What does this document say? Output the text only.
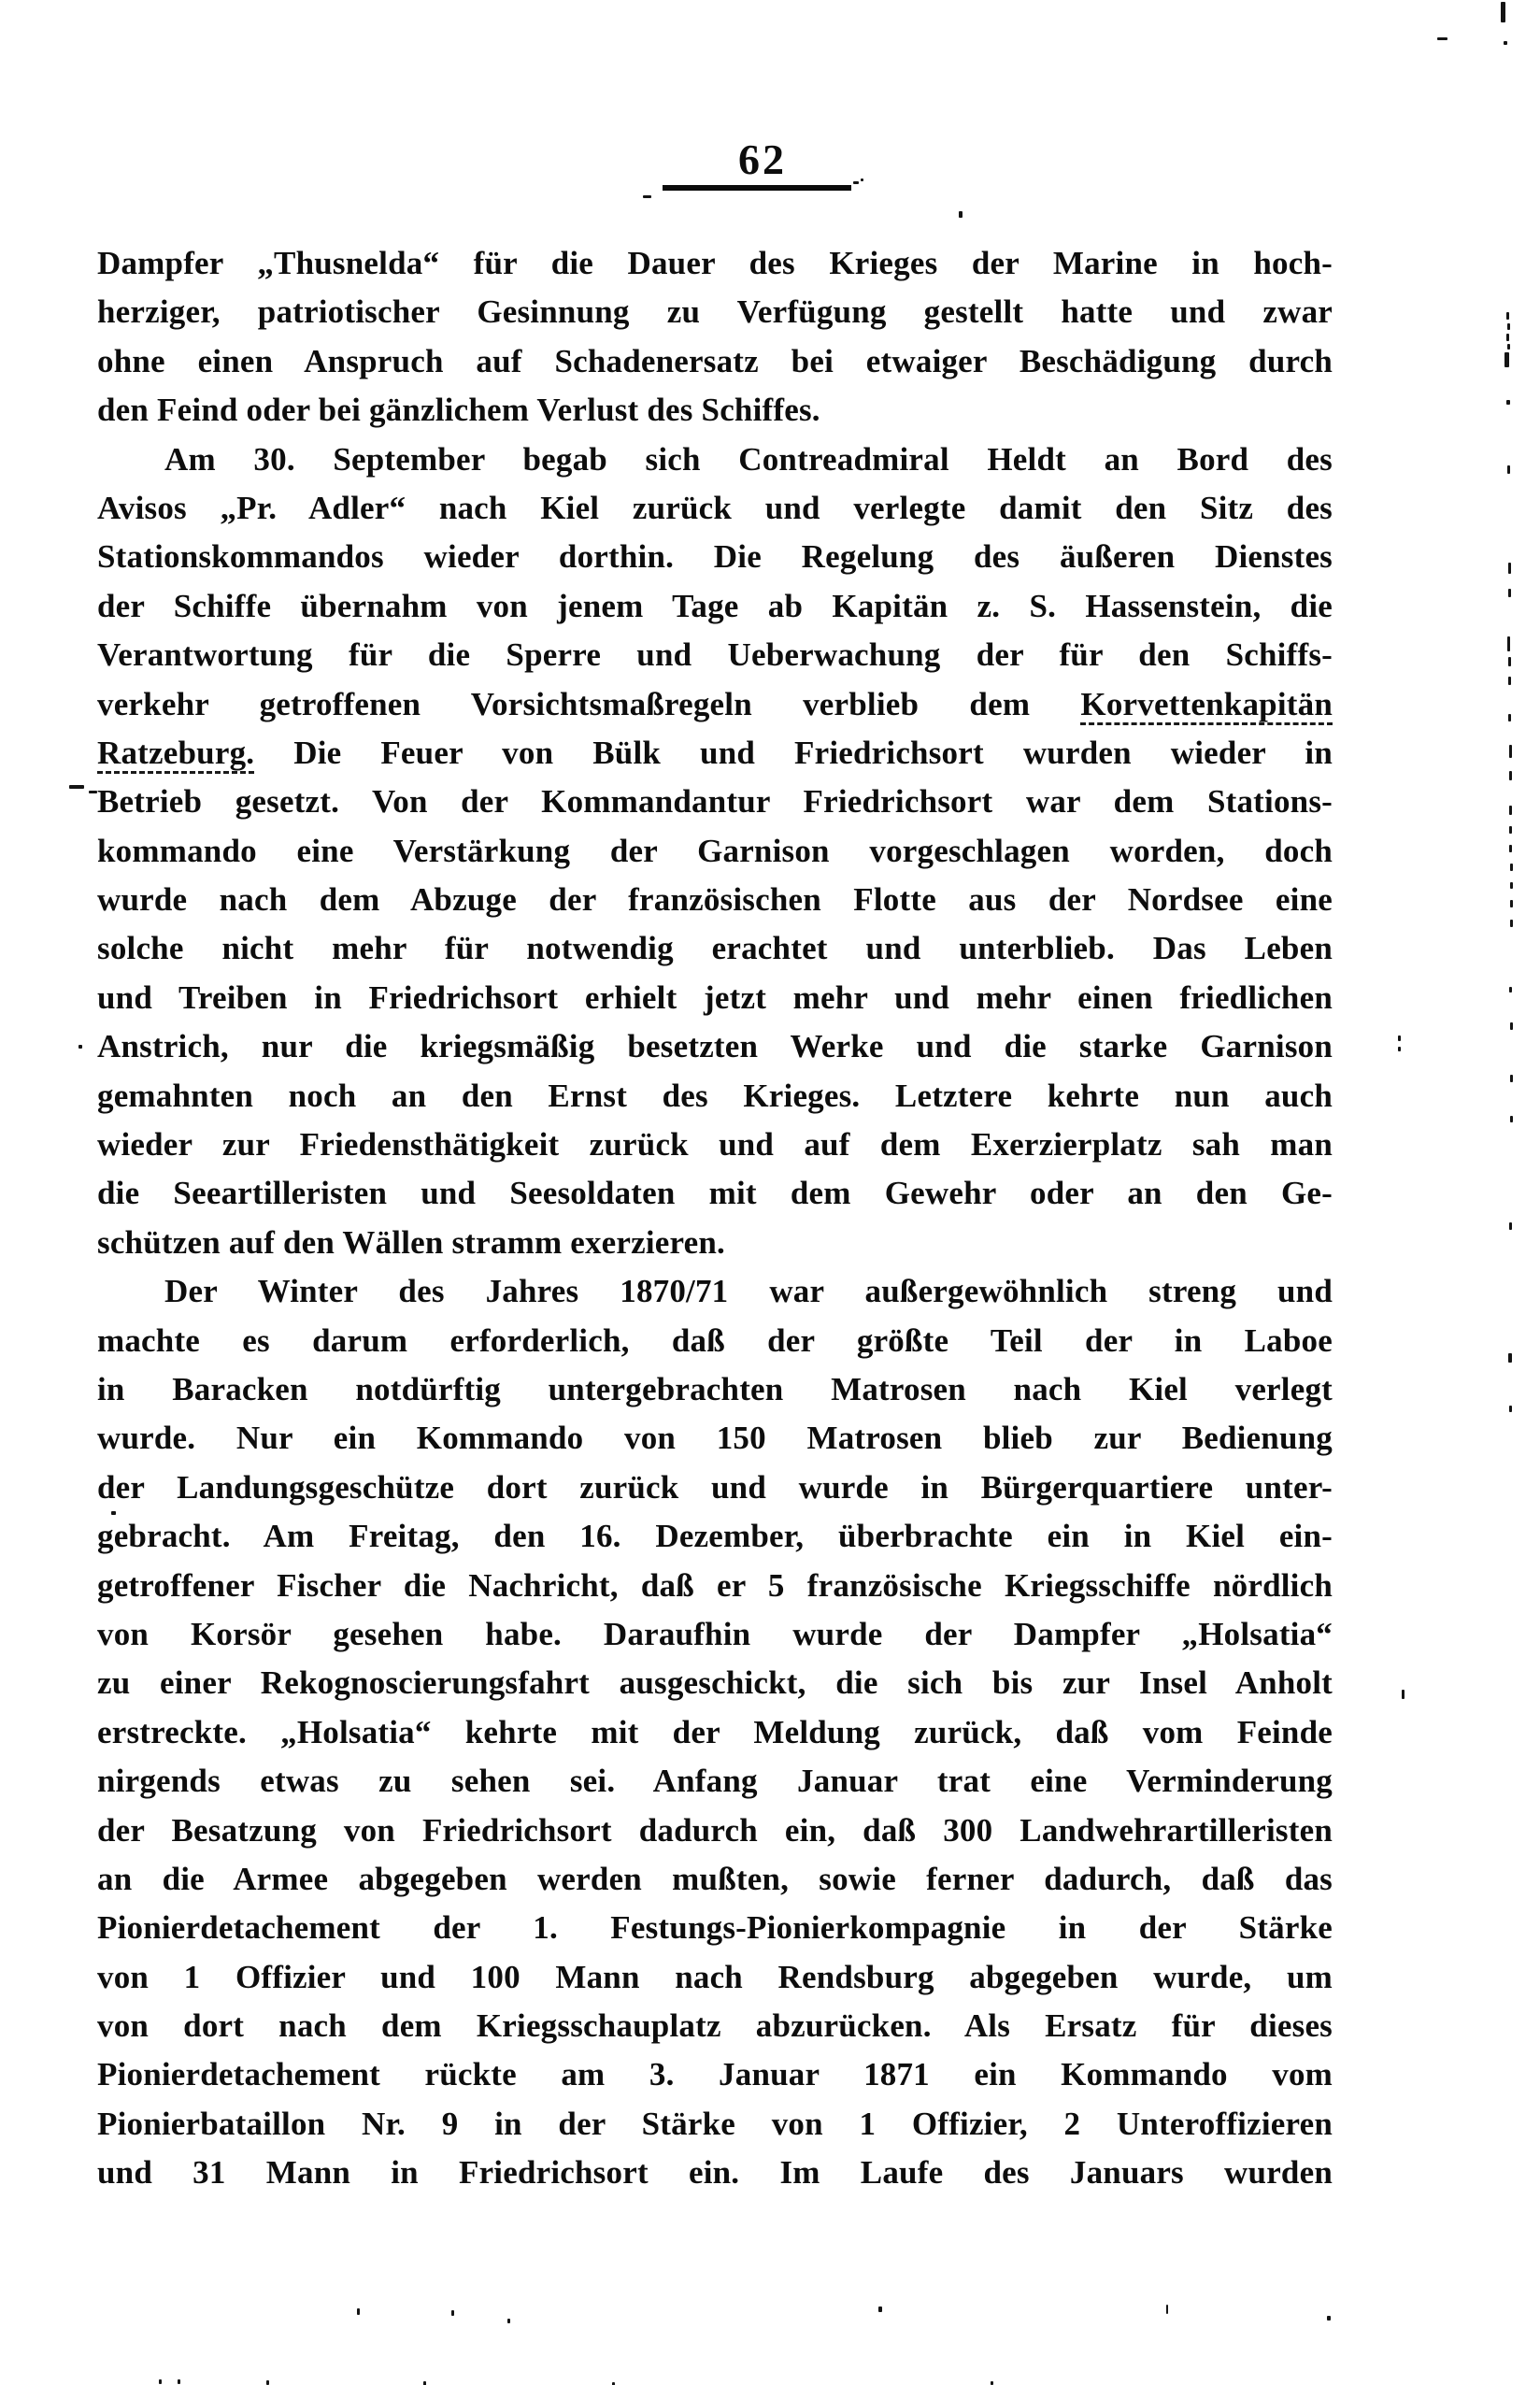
62
Dampfer „Thusnelda“ für die Dauer des Krieges der Marine in hoch-
herziger, patriotischer Gesinnung zu Verfügung gestellt hatte und zwar
ohne einen Anspruch auf Schadenersatz bei etwaiger Beschädigung durch
den Feind oder bei gänzlichem Verlust des Schiffes.
Am 30. September begab sich Contreadmiral Heldt an Bord des
Avisos „Pr. Adler“ nach Kiel zurück und verlegte damit den Sitz des
Stationskommandos wieder dorthin. Die Regelung des äußeren Dienstes
der Schiffe übernahm von jenem Tage ab Kapitän z. S. Hassenstein, die
Verantwortung für die Sperre und Ueberwachung der für den Schiffs-
verkehr getroffenen Vorsichtsmaßregeln verblieb dem Korvettenkapitän
Ratzeburg. Die Feuer von Bülk und Friedrichsort wurden wieder in
Betrieb gesetzt. Von der Kommandantur Friedrichsort war dem Stations-
kommando eine Verstärkung der Garnison vorgeschlagen worden, doch
wurde nach dem Abzuge der französischen Flotte aus der Nordsee eine
solche nicht mehr für notwendig erachtet und unterblieb. Das Leben
und Treiben in Friedrichsort erhielt jetzt mehr und mehr einen friedlichen
Anstrich, nur die kriegsmäßig besetzten Werke und die starke Garnison
gemahnten noch an den Ernst des Krieges. Letztere kehrte nun auch
wieder zur Friedensthätigkeit zurück und auf dem Exerzierplatz sah man
die Seeartilleristen und Seesoldaten mit dem Gewehr oder an den Ge-
schützen auf den Wällen stramm exerzieren.
Der Winter des Jahres 1870/71 war außergewöhnlich streng und
machte es darum erforderlich, daß der größte Teil der in Laboe
in Baracken notdürftig untergebrachten Matrosen nach Kiel verlegt
wurde. Nur ein Kommando von 150 Matrosen blieb zur Bedienung
der Landungsgeschütze dort zurück und wurde in Bürgerquartiere unter-
gebracht. Am Freitag, den 16. Dezember, überbrachte ein in Kiel ein-
getroffener Fischer die Nachricht, daß er 5 französische Kriegsschiffe nördlich
von Korsör gesehen habe. Daraufhin wurde der Dampfer „Holsatia“
zu einer Rekognoscierungsfahrt ausgeschickt, die sich bis zur Insel Anholt
erstreckte. „Holsatia“ kehrte mit der Meldung zurück, daß vom Feinde
nirgends etwas zu sehen sei. Anfang Januar trat eine Verminderung
der Besatzung von Friedrichsort dadurch ein, daß 300 Landwehrartilleristen
an die Armee abgegeben werden mußten, sowie ferner dadurch, daß das
Pionierdetachement der 1. Festungs-Pionierkompagnie in der Stärke
von 1 Offizier und 100 Mann nach Rendsburg abgegeben wurde, um
von dort nach dem Kriegsschauplatz abzurücken. Als Ersatz für dieses
Pionierdetachement rückte am 3. Januar 1871 ein Kommando vom
Pionierbataillon Nr. 9 in der Stärke von 1 Offizier, 2 Unteroffizieren
und 31 Mann in Friedrichsort ein. Im Laufe des Januars wurden
